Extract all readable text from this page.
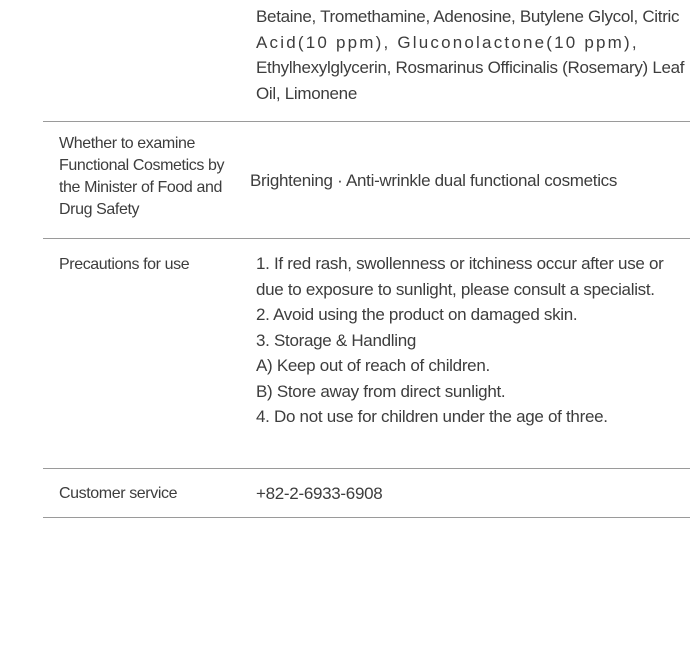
Betaine, Tromethamine, Adenosine, Butylene Glycol, Citric
Acid(10 ppm), Gluconolactone(10 ppm),
Ethylhexylglycerin, Rosmarinus Officinalis (Rosemary) Leaf
Oil, Limonene
Whether to examine Functional Cosmetics by the Minister of Food and Drug Safety
Brightening · Anti-wrinkle dual functional cosmetics
Precautions for use	1. If red rash, swollenness or itchiness occur after use or due to exposure to sunlight, please consult a specialist.
2. Avoid using the product on damaged skin.
3. Storage & Handling
A) Keep out of reach of children.
B) Store away from direct sunlight.
4. Do not use for children under the age of three.
Customer service	+82-2-6933-6908
